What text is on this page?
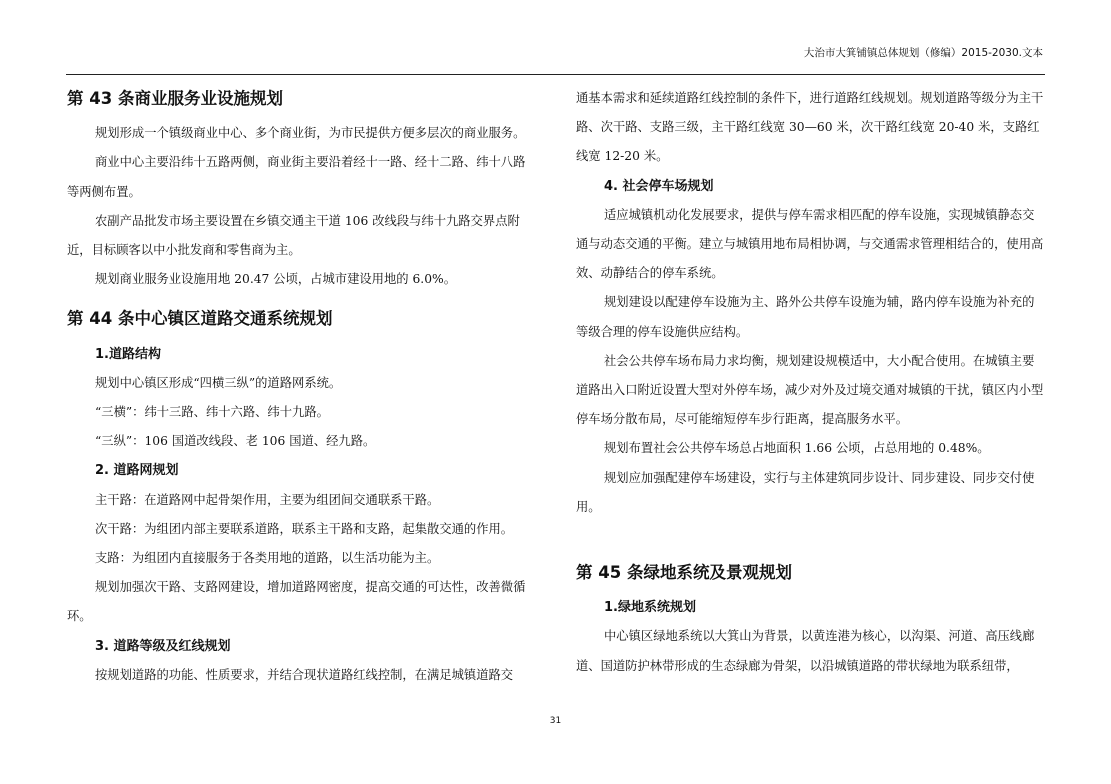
大治市大箕铺镇总体规划（修编）2015-2030.文本

第 43 条商业服务业设施规划

规划形成一个镇级商业中心、多个商业街，为市民提供方便多层次的商业服务。

商业中心主要沿纬十五路两侧，商业街主要沿着经十一路、经十二路、纬十八路等两侧布置。

农副产品批发市场主要设置在乡镇交通主干道 106 改线段与纬十九路交界点附近，目标顾客以中小批发商和零售商为主。

规划商业服务业设施用地 20.47 公顷，占城市建设用地的 6.0%。

第 44 条中心镇区道路交通系统规划

1.道路结构

规划中心镇区形成“四横三纵”的道路网系统。

“三横”：纬十三路、纬十六路、纬十九路。

“三纵”：106 国道改线段、老 106 国道、经九路。

2. 道路网规划

主干路：在道路网中起骨架作用，主要为组团间交通联系干路。

次干路：为组团内部主要联系道路，联系主干路和支路，起集散交通的作用。

支路：为组团内直接服务于各类用地的道路，以生活功能为主。

规划加强次干路、支路网建设，增加道路网密度，提高交通的可达性，改善微循环。

3. 道路等级及红线规划

按规划道路的功能、性质要求，并结合现状道路红线控制，在满足城镇道路交

通基本需求和延续道路红线控制的条件下，进行道路红线规划。规划道路等级分为主干路、次干路、支路三级，主干路红线宽 30—60 米，次干路红线宽 20-40 米，支路红线宽 12-20 米。

4. 社会停车场规划

适应城镇机动化发展要求，提供与停车需求相匹配的停车设施，实现城镇静态交通与动态交通的平衡。建立与城镇用地布局相协调，与交通需求管理相结合的，使用高效、动静结合的停车系统。

规划建设以配建停车设施为主、路外公共停车设施为辅，路内停车设施为补充的等级合理的停车设施供应结构。

社会公共停车场布局力求均衡，规划建设规模适中，大小配合使用。在城镇主要道路出入口附近设置大型对外停车场，减少对外及过境交通对城镇的干扰，镇区内小型停车场分散布局，尽可能缩短停车步行距离，提高服务水平。

规划布置社会公共停车场总占地面积 1.66 公顷，占总用地的 0.48%。

规划应加强配建停车场建设，实行与主体建筑同步设计、同步建设、同步交付使用。

第 45 条绿地系统及景观规划

1.绿地系统规划

中心镇区绿地系统以大箕山为背景，以黄连港为核心，以沟渠、河道、高压线廊道、国道防护林带形成的生态绿廊为骨架，以沿城镇道路的带状绿地为联系纽带，

31
